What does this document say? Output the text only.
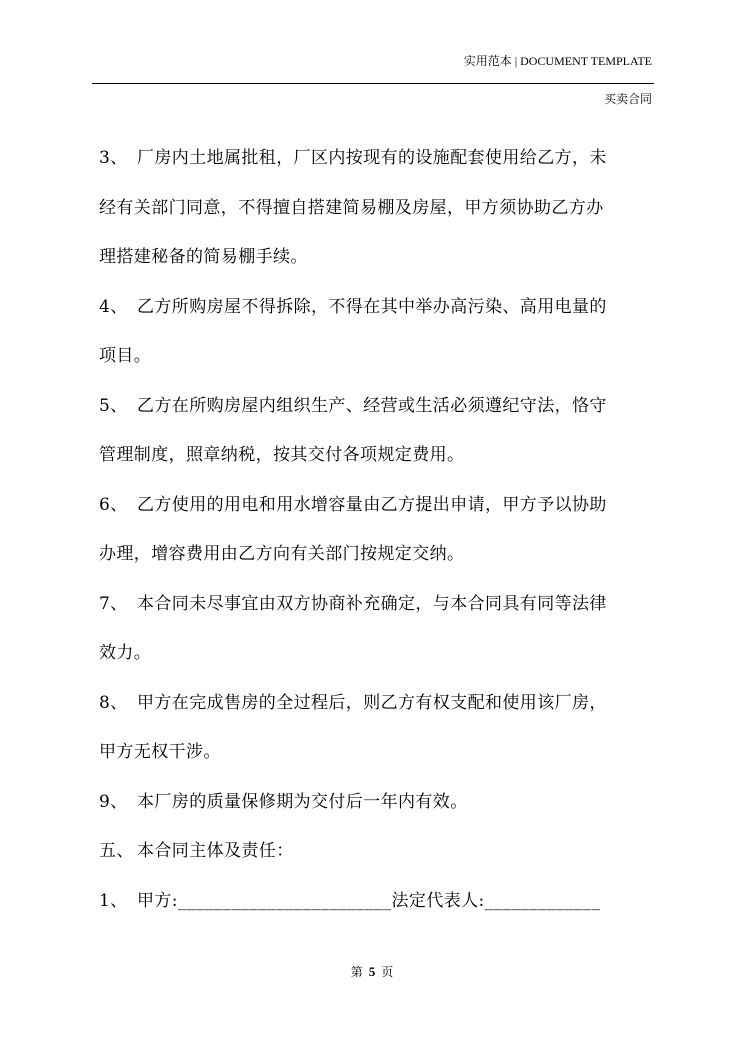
实用范本 | DOCUMENT TEMPLATE
买卖合同
3、 厂房内土地属批租，厂区内按现有的设施配套使用给乙方，未
经有关部门同意，不得擅自搭建简易棚及房屋，甲方须协助乙方办
理搭建秘备的简易棚手续。
4、 乙方所购房屋不得拆除，不得在其中举办高污染、高用电量的
项目。
5、 乙方在所购房屋内组织生产、经营或生活必须遵纪守法，恪守
管理制度，照章纳税，按其交付各项规定费用。
6、 乙方使用的用电和用水增容量由乙方提出申请，甲方予以协助
办理，增容费用由乙方向有关部门按规定交纳。
7、 本合同未尽事宜由双方协商补充确定，与本合同具有同等法律
效力。
8、 甲方在完成售房的全过程后，则乙方有权支配和使用该厂房，
甲方无权干涉。
9、 本厂房的质量保修期为交付后一年内有效。
五、 本合同主体及责任：
1、 甲方:________________________法定代表人:_____________
第 5 页
